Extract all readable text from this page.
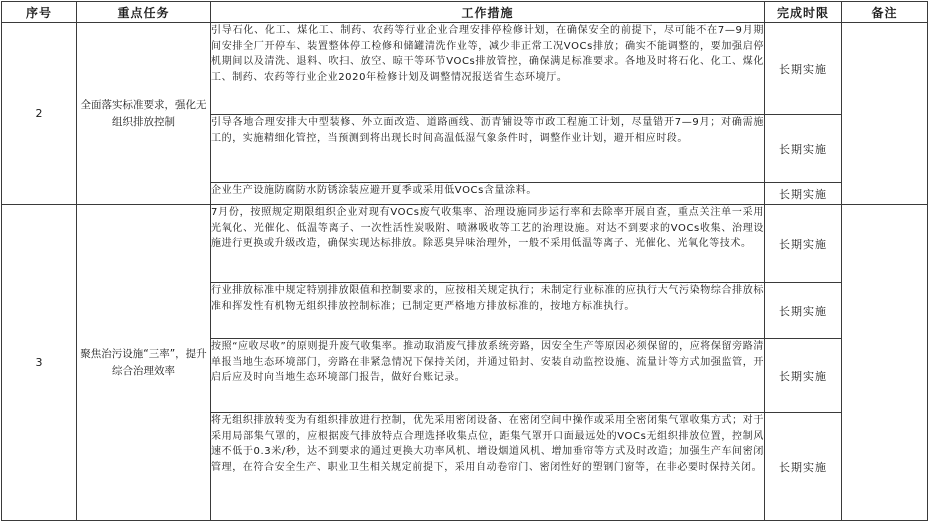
序号	重点任务	工作措施	完成时限	备注
2	全面落实标准要求，强化无组织排放控制	引导石化、化工、煤化工、制药、农药等行业企业合理安排停检修计划，在确保安全的前提下，尽可能不在7—9月期间安排全厂开停车、装置整体停工检修和储罐清洗作业等，减少非正常工况VOCs排放；确实不能调整的，要加强启停机期间以及清洗、退料、吹扫、放空、晾干等环节VOCs排放管控，确保满足标准要求。各地及时将石化、化工、煤化工、制药、农药等行业企业2020年检修计划及调整情况报送省生态环境厅。	长期实施	
		引导各地合理安排大中型装修、外立面改造、道路画线、沥青铺设等市政工程施工计划，尽量错开7—9月；对确需施工的，实施精细化管控，当预测到将出现长时间高温低湿气象条件时，调整作业计划，避开相应时段。	长期实施	
		企业生产设施防腐防水防锈涂装应避开夏季或采用低VOCs含量涂料。	长期实施	
3	聚焦治污设施“三率”，提升综合治理效率	7月份，按照规定期限组织企业对现有VOCs废气收集率、治理设施同步运行率和去除率开展自查，重点关注单一采用光氧化、光催化、低温等离子、一次性活性炭吸附、喷淋吸收等工艺的治理设施。对达不到要求的VOCs收集、治理设施进行更换或升级改造，确保实现达标排放。除恶臭异味治理外，一般不采用低温等离子、光催化、光氧化等技术。	长期实施	
		行业排放标准中规定特别排放限值和控制要求的，应按相关规定执行；未制定行业标准的应执行大气污染物综合排放标准和挥发性有机物无组织排放控制标准；已制定更严格地方排放标准的，按地方标准执行。	长期实施	
		按照“应收尽收”的原则提升废气收集率。推动取消废气排放系统旁路，因安全生产等原因必须保留的，应将保留旁路清单报当地生态环境部门，旁路在非紧急情况下保持关闭，并通过铅封、安装自动监控设施、流量计等方式加强监管，开启后应及时向当地生态环境部门报告，做好台账记录。	长期实施	
		将无组织排放转变为有组织排放进行控制，优先采用密闭设备、在密闭空间中操作或采用全密闭集气罩收集方式；对于采用局部集气罩的，应根据废气排放特点合理选择收集点位，距集气罩开口面最远处的VOCs无组织排放位置，控制风速不低于0.3米/秒，达不到要求的通过更换大功率风机、增设烟道风机、增加垂帘等方式及时改造；加强生产车间密闭管理，在符合安全生产、职业卫生相关规定前提下，采用自动卷帘门、密闭性好的塑钢门窗等，在非必要时保持关闭。	长期实施	
